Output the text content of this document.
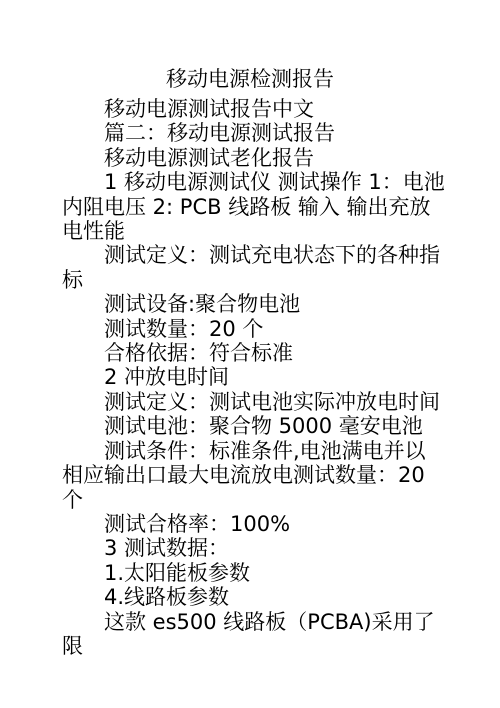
移动电源检测报告

移动电源测试报告中文

篇二：移动电源测试报告

移动电源测试老化报告

1 移动电源测试仪 测试操作 1：电池内阻电压 2: PCB 线路板 输入 输出充放电性能

测试定义：测试充电状态下的各种指标

测试设备:聚合物电池

测试数量：20 个

合格依据：符合标准

2 冲放电时间

测试定义：测试电池实际冲放电时间

测试电池：聚合物 5000 毫安电池

测试条件：标准条件,电池满电并以相应输出口最大电流放电测试数量：20 个

测试合格率：100%

3 测试数据：

1.太阳能板参数

4.线路板参数

这款 es500 线路板（PCBA)采用了限
